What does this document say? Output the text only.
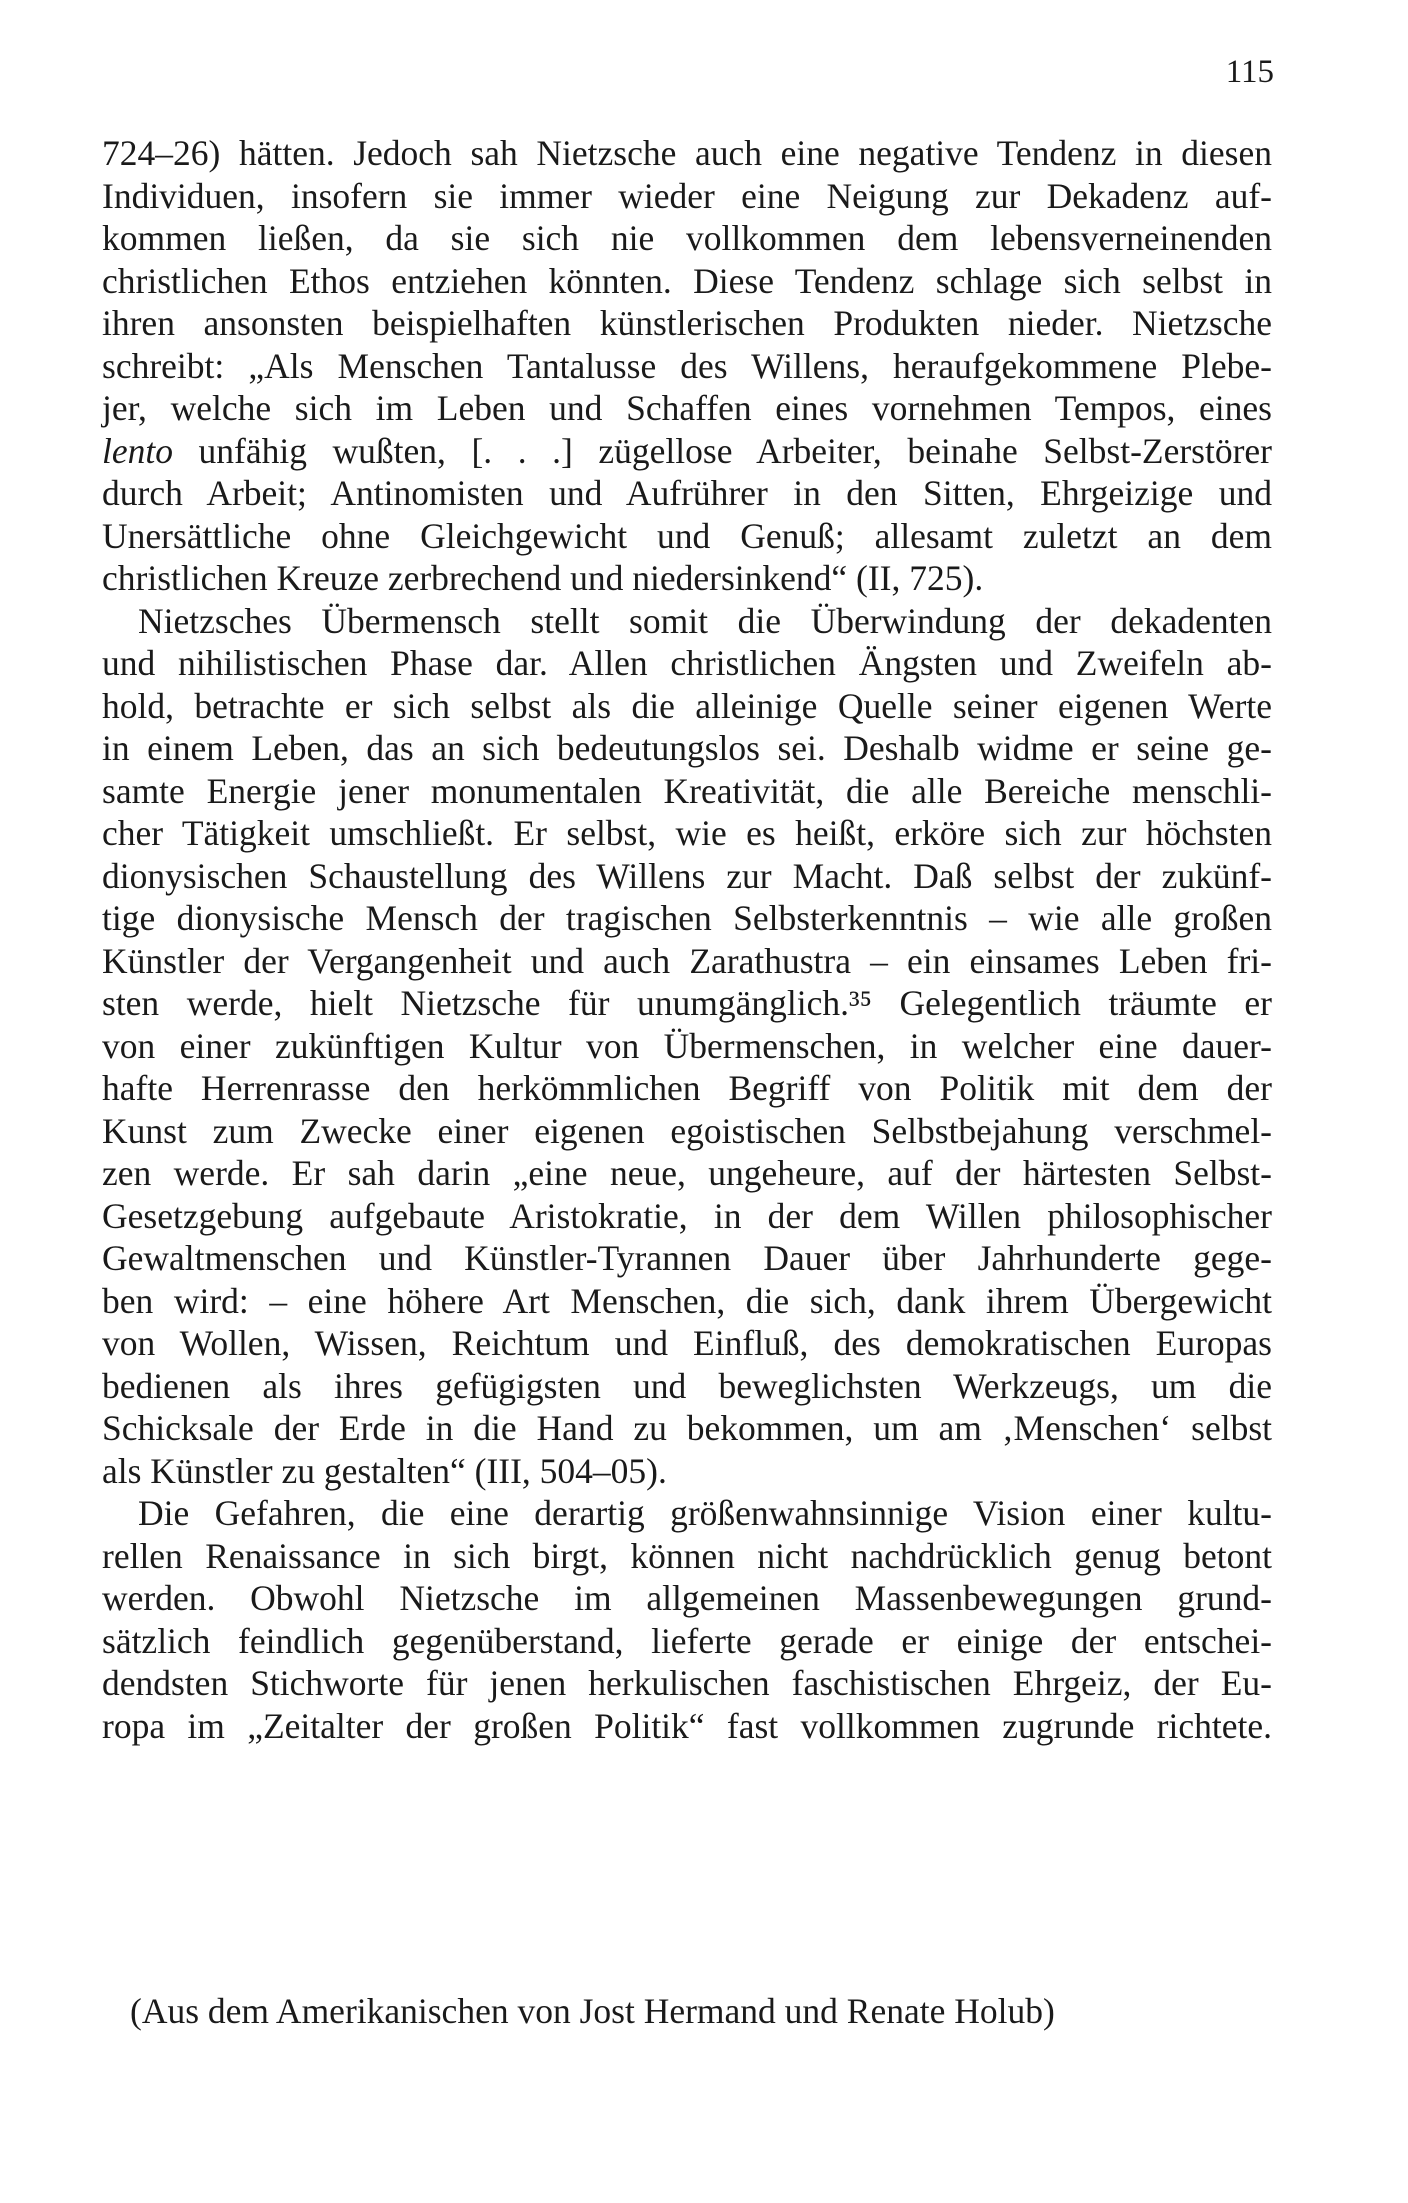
115
724–26) hätten. Jedoch sah Nietzsche auch eine negative Tendenz in diesen
Individuen, insofern sie immer wieder eine Neigung zur Dekadenz auf-
kommen ließen, da sie sich nie vollkommen dem lebensverneinenden
christlichen Ethos entziehen könnten. Diese Tendenz schlage sich selbst in
ihren ansonsten beispielhaften künstlerischen Produkten nieder. Nietzsche
schreibt: „Als Menschen Tantalusse des Willens, heraufgekommene Plebe-
jer, welche sich im Leben und Schaffen eines vornehmen Tempos, eines
lento unfähig wußten, [. . .] zügellose Arbeiter, beinahe Selbst-Zerstörer
durch Arbeit; Antinomisten und Aufrührer in den Sitten, Ehrgeizige und
Unersättliche ohne Gleichgewicht und Genuß; allesamt zuletzt an dem
christlichen Kreuze zerbrechend und niedersinkend“ (II, 725).
Nietzsches Übermensch stellt somit die Überwindung der dekadenten
und nihilistischen Phase dar. Allen christlichen Ängsten und Zweifeln ab-
hold, betrachte er sich selbst als die alleinige Quelle seiner eigenen Werte
in einem Leben, das an sich bedeutungslos sei. Deshalb widme er seine ge-
samte Energie jener monumentalen Kreativität, die alle Bereiche menschli-
cher Tätigkeit umschließt. Er selbst, wie es heißt, erköre sich zur höchsten
dionysischen Schaustellung des Willens zur Macht. Daß selbst der zukünf-
tige dionysische Mensch der tragischen Selbsterkenntnis – wie alle großen
Künstler der Vergangenheit und auch Zarathustra – ein einsames Leben fri-
sten werde, hielt Nietzsche für unumgänglich.³⁵ Gelegentlich träumte er
von einer zukünftigen Kultur von Übermenschen, in welcher eine dauer-
hafte Herrenrasse den herkömmlichen Begriff von Politik mit dem der
Kunst zum Zwecke einer eigenen egoistischen Selbstbejahung verschmel-
zen werde. Er sah darin „eine neue, ungeheure, auf der härtesten Selbst-
Gesetzgebung aufgebaute Aristokratie, in der dem Willen philosophischer
Gewaltmenschen und Künstler-Tyrannen Dauer über Jahrhunderte gege-
ben wird: – eine höhere Art Menschen, die sich, dank ihrem Übergewicht
von Wollen, Wissen, Reichtum und Einfluß, des demokratischen Europas
bedienen als ihres gefügigsten und beweglichsten Werkzeugs, um die
Schicksale der Erde in die Hand zu bekommen, um am ‚Menschen‘ selbst
als Künstler zu gestalten“ (III, 504–05).
Die Gefahren, die eine derartig größenwahnsinnige Vision einer kultu-
rellen Renaissance in sich birgt, können nicht nachdrücklich genug betont
werden. Obwohl Nietzsche im allgemeinen Massenbewegungen grund-
sätzlich feindlich gegenüberstand, lieferte gerade er einige der entschei-
dendsten Stichworte für jenen herkulischen faschistischen Ehrgeiz, der Eu-
ropa im „Zeitalter der großen Politik“ fast vollkommen zugrunde richtete.
(Aus dem Amerikanischen von Jost Hermand und Renate Holub)
